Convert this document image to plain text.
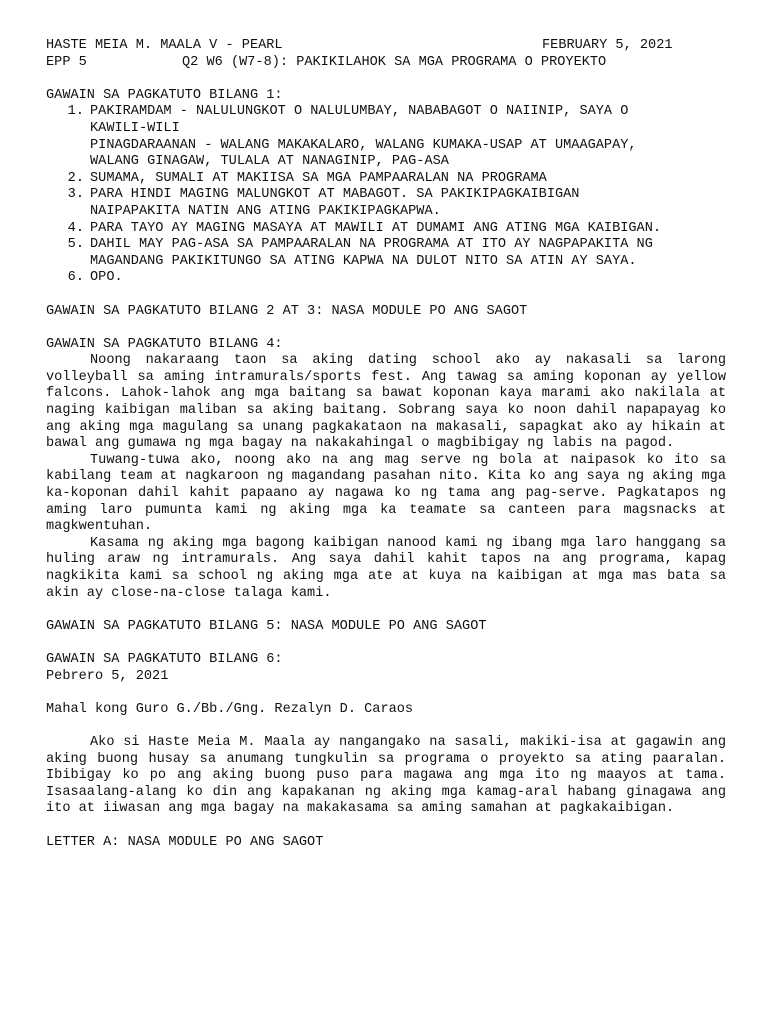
HASTE MEIA M. MAALA V - PEARL	FEBRUARY 5, 2021
EPP 5	Q2 W6 (W7-8): PAKIKILAHOK SA MGA PROGRAMA O PROYEKTO
GAWAIN SA PAGKATUTO BILANG 1:
1. PAKIRAMDAM - NALULUNGKOT O NALULUMBAY, NABABAGOT O NAIINIP, SAYA O
KAWILI-WILI
PINAGDARAANAN - WALANG MAKAKALARO, WALANG KUMAKA-USAP AT UMAAGAPAY,
WALANG GINAGAW, TULALA AT NANAGINIP, PAG-ASA
2. SUMAMA, SUMALI AT MAKIISA SA MGA PAMPAARALAN NA PROGRAMA
3. PARA HINDI MAGING MALUNGKOT AT MABAGOT. SA PAKIKIPAGKAIBIGAN
NAIPAPAKITA NATIN ANG ATING PAKIKIPAGKAPWA.
4. PARA TAYO AY MAGING MASAYA AT MAWILI AT DUMAMI ANG ATING MGA KAIBIGAN.
5. DAHIL MAY PAG-ASA SA PAMPAARALAN NA PROGRAMA AT ITO AY NAGPAPAKITA NG
MAGANDANG PAKIKITUNGO SA ATING KAPWA NA DULOT NITO SA ATIN AY SAYA.
6. OPO.
GAWAIN SA PAGKATUTO BILANG 2 AT 3: NASA MODULE PO ANG SAGOT
GAWAIN SA PAGKATUTO BILANG 4:
Noong nakaraang taon sa aking dating school ako ay nakasali sa larong volleyball sa aming intramurals/sports fest. Ang tawag sa aming koponan ay yellow falcons. Lahok-lahok ang mga baitang sa bawat koponan kaya marami ako nakilala at naging kaibigan maliban sa aking baitang. Sobrang saya ko noon dahil napapayag ko ang aking mga magulang sa unang pagkakataon na makasali, sapagkat ako ay hikain at bawal ang gumawa ng mga bagay na nakakahingal o magbibigay ng labis na pagod.
Tuwang-tuwa ako, noong ako na ang mag serve ng bola at naipasok ko ito sa kabilang team at nagkaroon ng magandang pasahan nito. Kita ko ang saya ng aking mga ka-koponan dahil kahit papaano ay nagawa ko ng tama ang pag-serve. Pagkatapos ng aming laro pumunta kami ng aking mga ka teamate sa canteen para magsnacks at magkwentuhan.
Kasama ng aking mga bagong kaibigan nanood kami ng ibang mga laro hanggang sa huling araw ng intramurals. Ang saya dahil kahit tapos na ang programa, kapag nagkikita kami sa school ng aking mga ate at kuya na kaibigan at mga mas bata sa akin ay close-na-close talaga kami.
GAWAIN SA PAGKATUTO BILANG 5: NASA MODULE PO ANG SAGOT
GAWAIN SA PAGKATUTO BILANG 6:
Pebrero 5, 2021
Mahal kong Guro G./Bb./Gng. Rezalyn D. Caraos
Ako si Haste Meia M. Maala ay nangangako na sasali, makiki-isa at gagawin ang aking buong husay sa anumang tungkulin sa programa o proyekto sa ating paaralan. Ibibigay ko po ang aking buong puso para magawa ang mga ito ng maayos at tama. Isasaalang-alang ko din ang kapakanan ng aking mga kamag-aral habang ginagawa ang ito at iiwasan ang mga bagay na makakasama sa aming samahan at pagkakaibigan.
LETTER A: NASA MODULE PO ANG SAGOT
